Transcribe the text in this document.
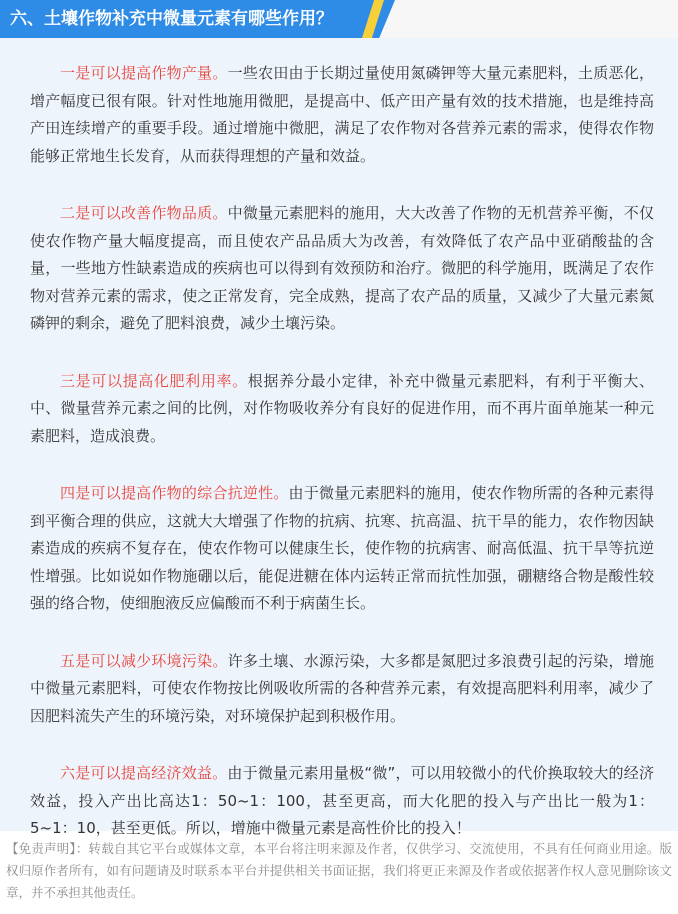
六、土壤作物补充中微量元素有哪些作用？

一是可以提高作物产量。一些农田由于长期过量使用氮磷钾等大量元素肥料，土质恶化，增产幅度已很有限。针对性地施用微肥，是提高中、低产田产量有效的技术措施，也是维持高产田连续增产的重要手段。通过增施中微肥，满足了农作物对各营养元素的需求，使得农作物能够正常地生长发育，从而获得理想的产量和效益。

二是可以改善作物品质。中微量元素肥料的施用，大大改善了作物的无机营养平衡，不仅使农作物产量大幅度提高，而且使农产品品质大为改善，有效降低了农产品中亚硝酸盐的含量，一些地方性缺素造成的疾病也可以得到有效预防和治疗。微肥的科学施用，既满足了农作物对营养元素的需求，使之正常发育，完全成熟，提高了农产品的质量，又减少了大量元素氮磷钾的剩余，避免了肥料浪费，减少土壤污染。

三是可以提高化肥利用率。根据养分最小定律，补充中微量元素肥料，有利于平衡大、中、微量营养元素之间的比例，对作物吸收养分有良好的促进作用，而不再片面单施某一种元素肥料，造成浪费。

四是可以提高作物的综合抗逆性。由于微量元素肥料的施用，使农作物所需的各种元素得到平衡合理的供应，这就大大增强了作物的抗病、抗寒、抗高温、抗干旱的能力，农作物因缺素造成的疾病不复存在，使农作物可以健康生长，使作物的抗病害、耐高低温、抗干旱等抗逆性增强。比如说如作物施硼以后，能促进糖在体内运转正常而抗性加强，硼糖络合物是酸性较强的络合物，使细胞液反应偏酸而不利于病菌生长。

五是可以减少环境污染。许多土壤、水源污染，大多都是氮肥过多浪费引起的污染，增施中微量元素肥料，可使农作物按比例吸收所需的各种营养元素，有效提高肥料利用率，减少了因肥料流失产生的环境污染，对环境保护起到积极作用。

六是可以提高经济效益。由于微量元素用量极“微”，可以用较微小的代价换取较大的经济效益，投入产出比高达1：50~1：100，甚至更高，而大化肥的投入与产出比一般为1：5~1：10，甚至更低。所以，增施中微量元素是高性价比的投入！

【免责声明】：转载自其它平台或媒体文章，本平台将注明来源及作者，仅供学习、交流使用，不具有任何商业用途。版权归原作者所有，如有问题请及时联系本平台并提供相关书面证据，我们将更正来源及作者或依据著作权人意见删除该文章，并不承担其他责任。
